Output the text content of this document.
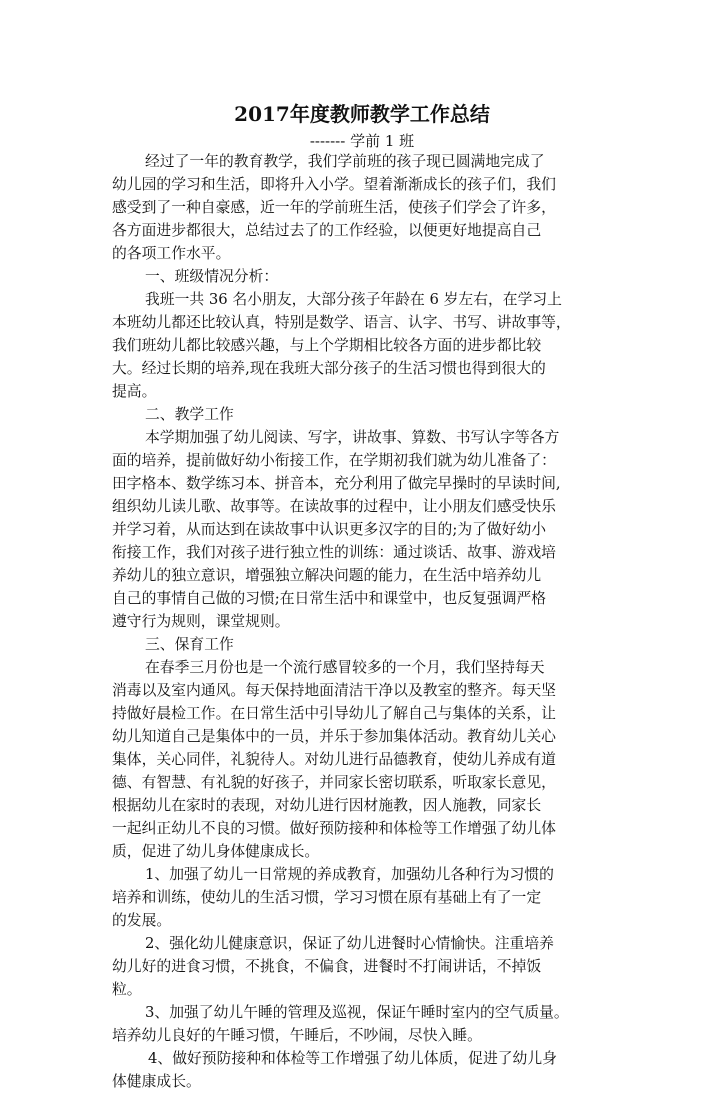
2017年度教师教学工作总结
------- 学前 1 班
经过了一年的教育教学，我们学前班的孩子现已圆满地完成了
幼儿园的学习和生活，即将升入小学。望着渐渐成长的孩子们，我们
感受到了一种自豪感，近一年的学前班生活，使孩子们学会了许多，
各方面进步都很大，总结过去了的工作经验，以便更好地提高自己
的各项工作水平。
一、班级情况分析：
我班一共 36 名小朋友，大部分孩子年龄在 6 岁左右，在学习上
本班幼儿都还比较认真，特别是数学、语言、认字、书写、讲故事等，
我们班幼儿都比较感兴趣，与上个学期相比较各方面的进步都比较
大。经过长期的培养,现在我班大部分孩子的生活习惯也得到很大的
提高。
二、教学工作
本学期加强了幼儿阅读、写字，讲故事、算数、书写认字等各方
面的培养，提前做好幼小衔接工作，在学期初我们就为幼儿准备了：
田字格本、数学练习本、拼音本，充分利用了做完早操时的早读时间,
组织幼儿读儿歌、故事等。在读故事的过程中，让小朋友们感受快乐
并学习着，从而达到在读故事中认识更多汉字的目的;为了做好幼小
衔接工作，我们对孩子进行独立性的训练：通过谈话、故事、游戏培
养幼儿的独立意识，增强独立解决问题的能力，在生活中培养幼儿
自己的事情自己做的习惯;在日常生活中和课堂中，也反复强调严格
遵守行为规则，课堂规则。
三、保育工作
在春季三月份也是一个流行感冒较多的一个月，我们坚持每天
消毒以及室内通风。每天保持地面清洁干净以及教室的整齐。每天坚
持做好晨检工作。在日常生活中引导幼儿了解自己与集体的关系，让
幼儿知道自己是集体中的一员，并乐于参加集体活动。教育幼儿关心
集体，关心同伴，礼貌待人。对幼儿进行品德教育，使幼儿养成有道
德、有智慧、有礼貌的好孩子，并同家长密切联系，听取家长意见，
根据幼儿在家时的表现，对幼儿进行因材施教，因人施教，同家长
一起纠正幼儿不良的习惯。做好预防接种和体检等工作增强了幼儿体
质，促进了幼儿身体健康成长。
1、加强了幼儿一日常规的养成教育，加强幼儿各种行为习惯的
培养和训练，使幼儿的生活习惯，学习习惯在原有基础上有了一定
的发展。
2、强化幼儿健康意识，保证了幼儿进餐时心情愉快。注重培养
幼儿好的进食习惯，不挑食，不偏食，进餐时不打闹讲话，不掉饭
粒。
3、加强了幼儿午睡的管理及巡视，保证午睡时室内的空气质量。
培养幼儿良好的午睡习惯，午睡后，不吵闹，尽快入睡。
4、做好预防接种和体检等工作增强了幼儿体质，促进了幼儿身
体健康成长。
